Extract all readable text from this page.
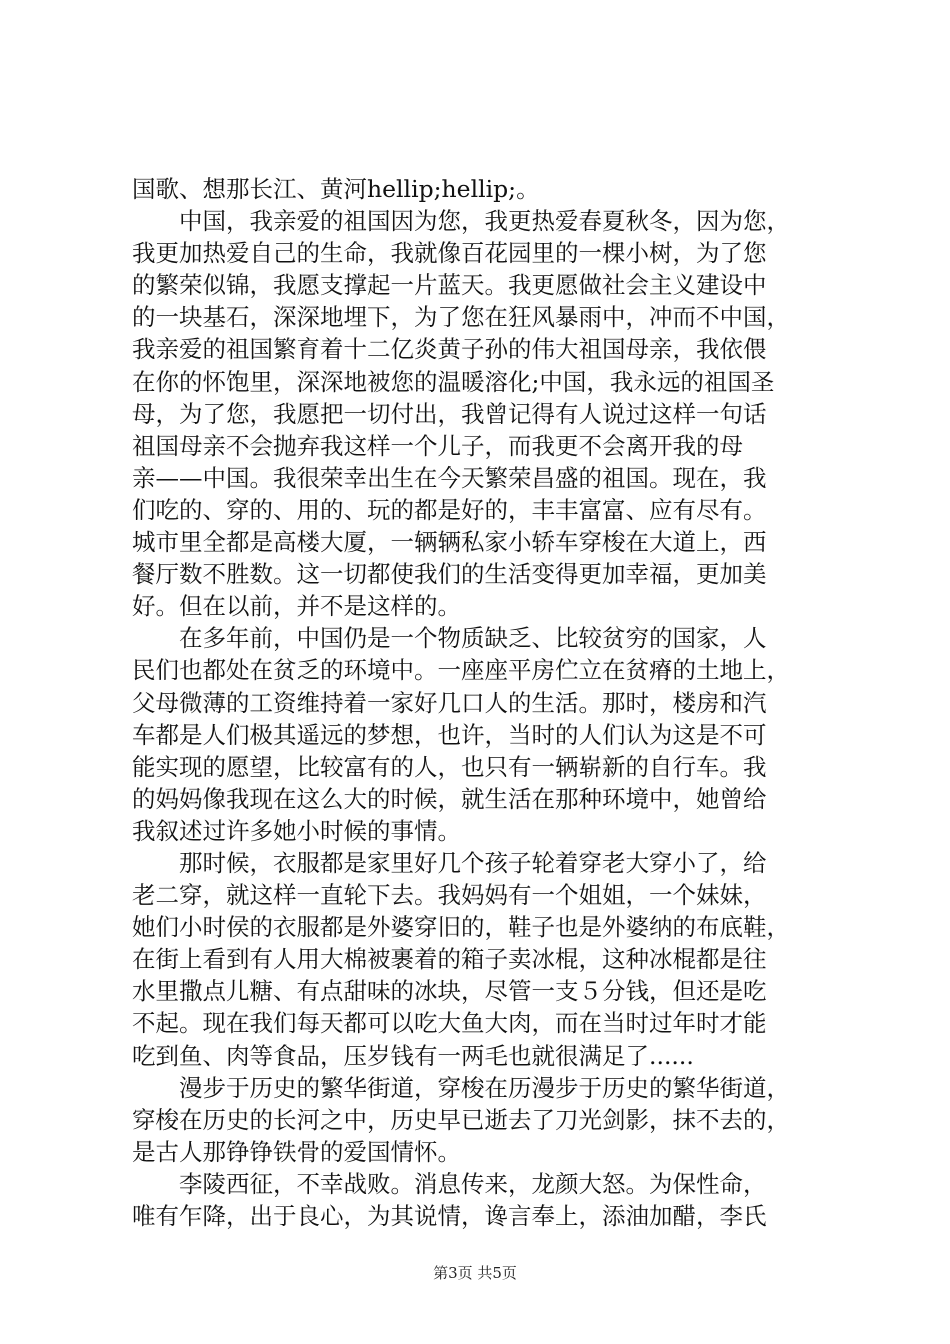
国歌、想那长江、黄河hellip;hellip;。
中国，我亲爱的祖国因为您，我更热爱春夏秋冬，因为您，
我更加热爱自己的生命，我就像百花园里的一棵小树，为了您
的繁荣似锦，我愿支撑起一片蓝天。我更愿做社会主义建设中
的一块基石，深深地埋下，为了您在狂风暴雨中，冲而不中国，
我亲爱的祖国繁育着十二亿炎黄子孙的伟大祖国母亲，我依偎
在你的怀饱里，深深地被您的温暖溶化;中国，我永远的祖国圣
母，为了您，我愿把一切付出，我曾记得有人说过这样一句话
祖国母亲不会抛弃我这样一个儿子，而我更不会离开我的母
亲——中国。我很荣幸出生在今天繁荣昌盛的祖国。现在，我
们吃的、穿的、用的、玩的都是好的，丰丰富富、应有尽有。
城市里全都是高楼大厦，一辆辆私家小轿车穿梭在大道上，西
餐厅数不胜数。这一切都使我们的生活变得更加幸福，更加美
好。但在以前，并不是这样的。
在多年前，中国仍是一个物质缺乏、比较贫穷的国家，人
民们也都处在贫乏的环境中。一座座平房伫立在贫瘠的土地上，
父母微薄的工资维持着一家好几口人的生活。那时，楼房和汽
车都是人们极其遥远的梦想，也许，当时的人们认为这是不可
能实现的愿望，比较富有的人，也只有一辆崭新的自行车。我
的妈妈像我现在这么大的时候，就生活在那种环境中，她曾给
我叙述过许多她小时候的事情。
那时候，衣服都是家里好几个孩子轮着穿老大穿小了，给
老二穿，就这样一直轮下去。我妈妈有一个姐姐，一个妹妹，
她们小时侯的衣服都是外婆穿旧的，鞋子也是外婆纳的布底鞋，
在街上看到有人用大棉被裹着的箱子卖冰棍，这种冰棍都是往
水里撒点儿糖、有点甜味的冰块，尽管一支５分钱，但还是吃
不起。现在我们每天都可以吃大鱼大肉，而在当时过年时才能
吃到鱼、肉等食品，压岁钱有一两毛也就很满足了......
漫步于历史的繁华街道，穿梭在历漫步于历史的繁华街道，
穿梭在历史的长河之中，历史早已逝去了刀光剑影，抹不去的，
是古人那铮铮铁骨的爱国情怀。
李陵西征，不幸战败。消息传来，龙颜大怒。为保性命，
唯有乍降，出于良心，为其说情，谗言奉上，添油加醋，李氏
第3页 共5页
